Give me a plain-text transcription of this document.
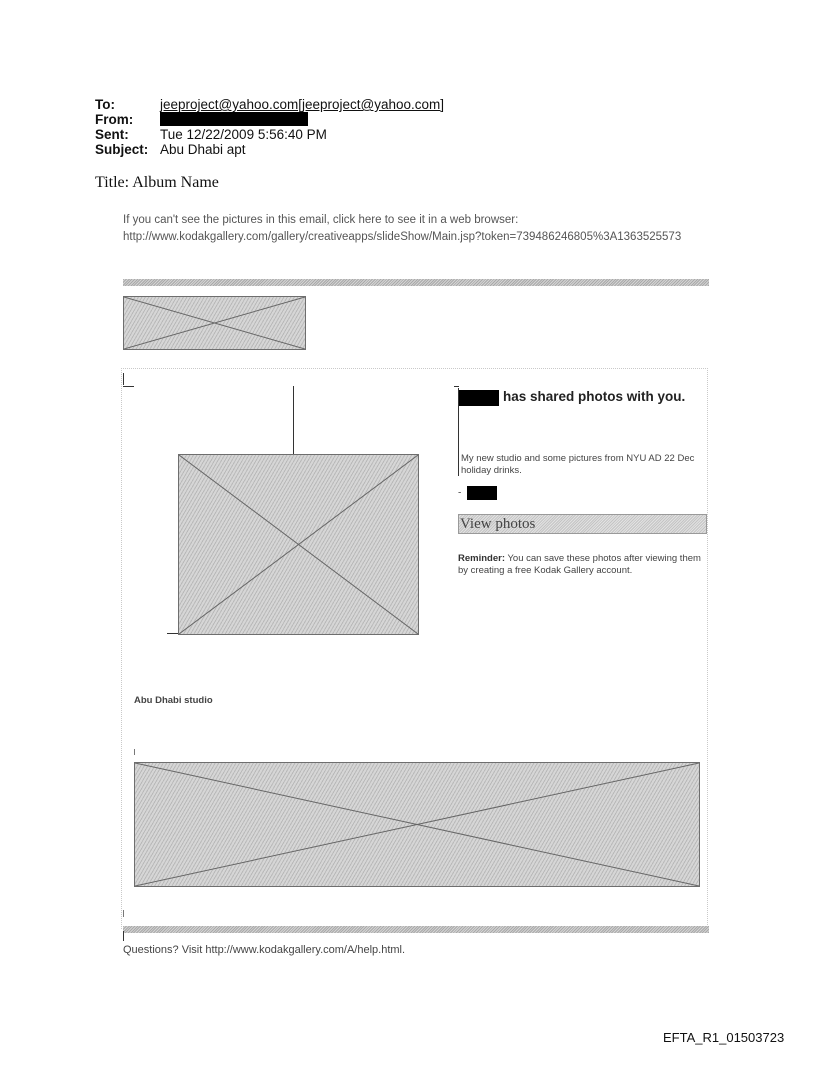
To:	jeeproject@yahoo.com[jeeproject@yahoo.com]
From:
Sent: Tue 12/22/2009 5:56:40 PM
Subject: Abu Dhabi apt
Title: Album Name
If you can't see the pictures in this email, click here to see it in a web browser:
http://www.kodakgallery.com/gallery/creativeapps/slideShow/Main.jsp?token=739486246805%3A1363525573
has shared photos with you.
My new studio and some pictures from NYU AD 22 Dec holiday drinks.
-
View photos
Reminder: You can save these photos after viewing them by creating a free Kodak Gallery account.
Abu Dhabi studio
Questions? Visit http://www.kodakgallery.com/A/help.html.
EFTA_R1_01503723
